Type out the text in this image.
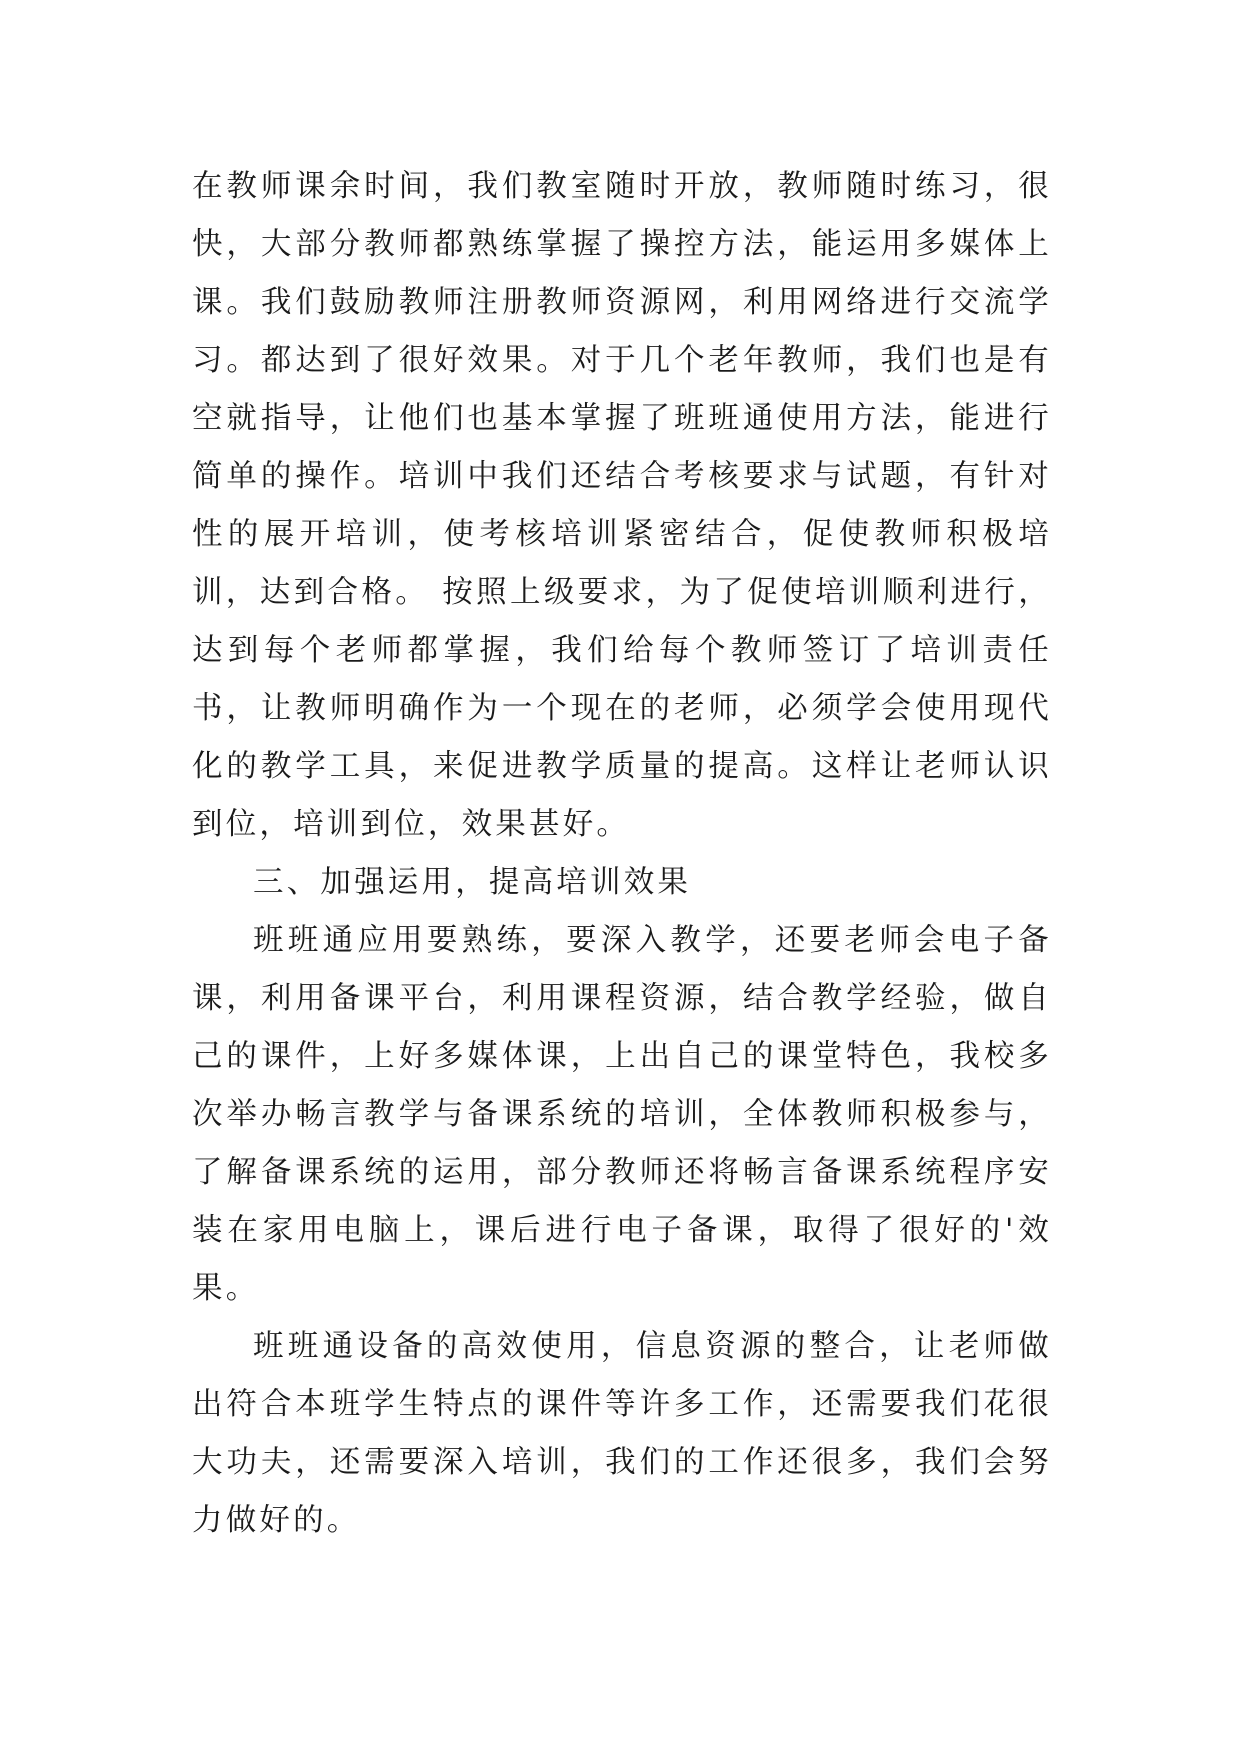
在教师课余时间，我们教室随时开放，教师随时练习，很快，大部分教师都熟练掌握了操控方法，能运用多媒体上课。我们鼓励教师注册教师资源网，利用网络进行交流学习。都达到了很好效果。对于几个老年教师，我们也是有空就指导，让他们也基本掌握了班班通使用方法，能进行简单的操作。培训中我们还结合考核要求与试题，有针对性的展开培训，使考核培训紧密结合，促使教师积极培训，达到合格。 按照上级要求，为了促使培训顺利进行，达到每个老师都掌握，我们给每个教师签订了培训责任书，让教师明确作为一个现在的老师，必须学会使用现代化的教学工具，来促进教学质量的提高。这样让老师认识到位，培训到位，效果甚好。

三、加强运用，提高培训效果

班班通应用要熟练，要深入教学，还要老师会电子备课，利用备课平台，利用课程资源，结合教学经验，做自己的课件，上好多媒体课，上出自己的课堂特色，我校多次举办畅言教学与备课系统的培训，全体教师积极参与，了解备课系统的运用，部分教师还将畅言备课系统程序安装在家用电脑上，课后进行电子备课，取得了很好的'效果。

班班通设备的高效使用，信息资源的整合，让老师做出符合本班学生特点的课件等许多工作，还需要我们花很大功夫，还需要深入培训，我们的工作还很多，我们会努力做好的。
